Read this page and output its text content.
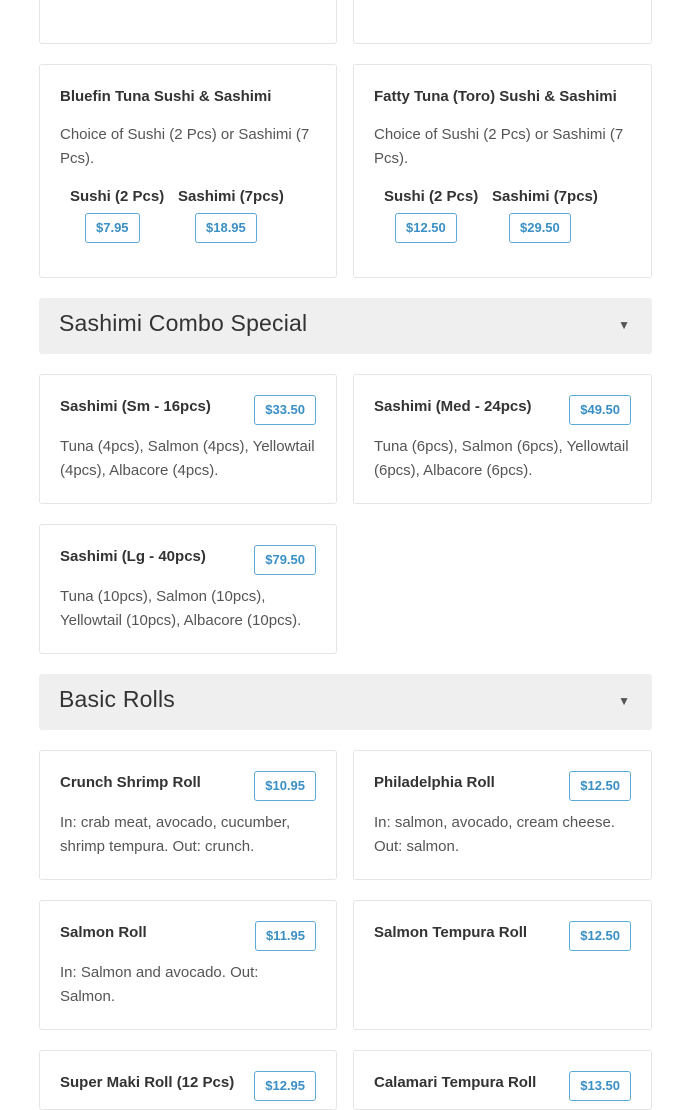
Bluefin Tuna Sushi & Sashimi
Choice of Sushi (2 Pcs) or Sashimi (7
Pcs).
Sushi (2 Pcs) Sashimi (7pcs)
$7.95	$18.95
Fatty Tuna (Toro) Sushi & Sashimi
Choice of Sushi (2 Pcs) or Sashimi (7
Pcs).
Sushi (2 Pcs) Sashimi (7pcs)
$12.50	$29.50
Sashimi Combo Special	▼
Sashimi (Sm - 16pcs)	$33.50
Tuna (4pcs), Salmon (4pcs), Yellowtail
(4pcs), Albacore (4pcs).
Sashimi (Med - 24pcs)	$49.50
Tuna (6pcs), Salmon (6pcs), Yellowtail
(6pcs), Albacore (6pcs).
Sashimi (Lg - 40pcs)	$79.50
Tuna (10pcs), Salmon (10pcs),
Yellowtail (10pcs), Albacore (10pcs).
Basic Rolls	▼
Crunch Shrimp Roll	$10.95
In: crab meat, avocado, cucumber,
shrimp tempura. Out: crunch.
Philadelphia Roll	$12.50
In: salmon, avocado, cream cheese.
Out: salmon.
Salmon Roll	$11.95
In: Salmon and avocado. Out:
Salmon.
Salmon Tempura Roll	$12.50
Super Maki Roll (12 Pcs)	$12.95	Calamari Tempura Roll	$13.50
